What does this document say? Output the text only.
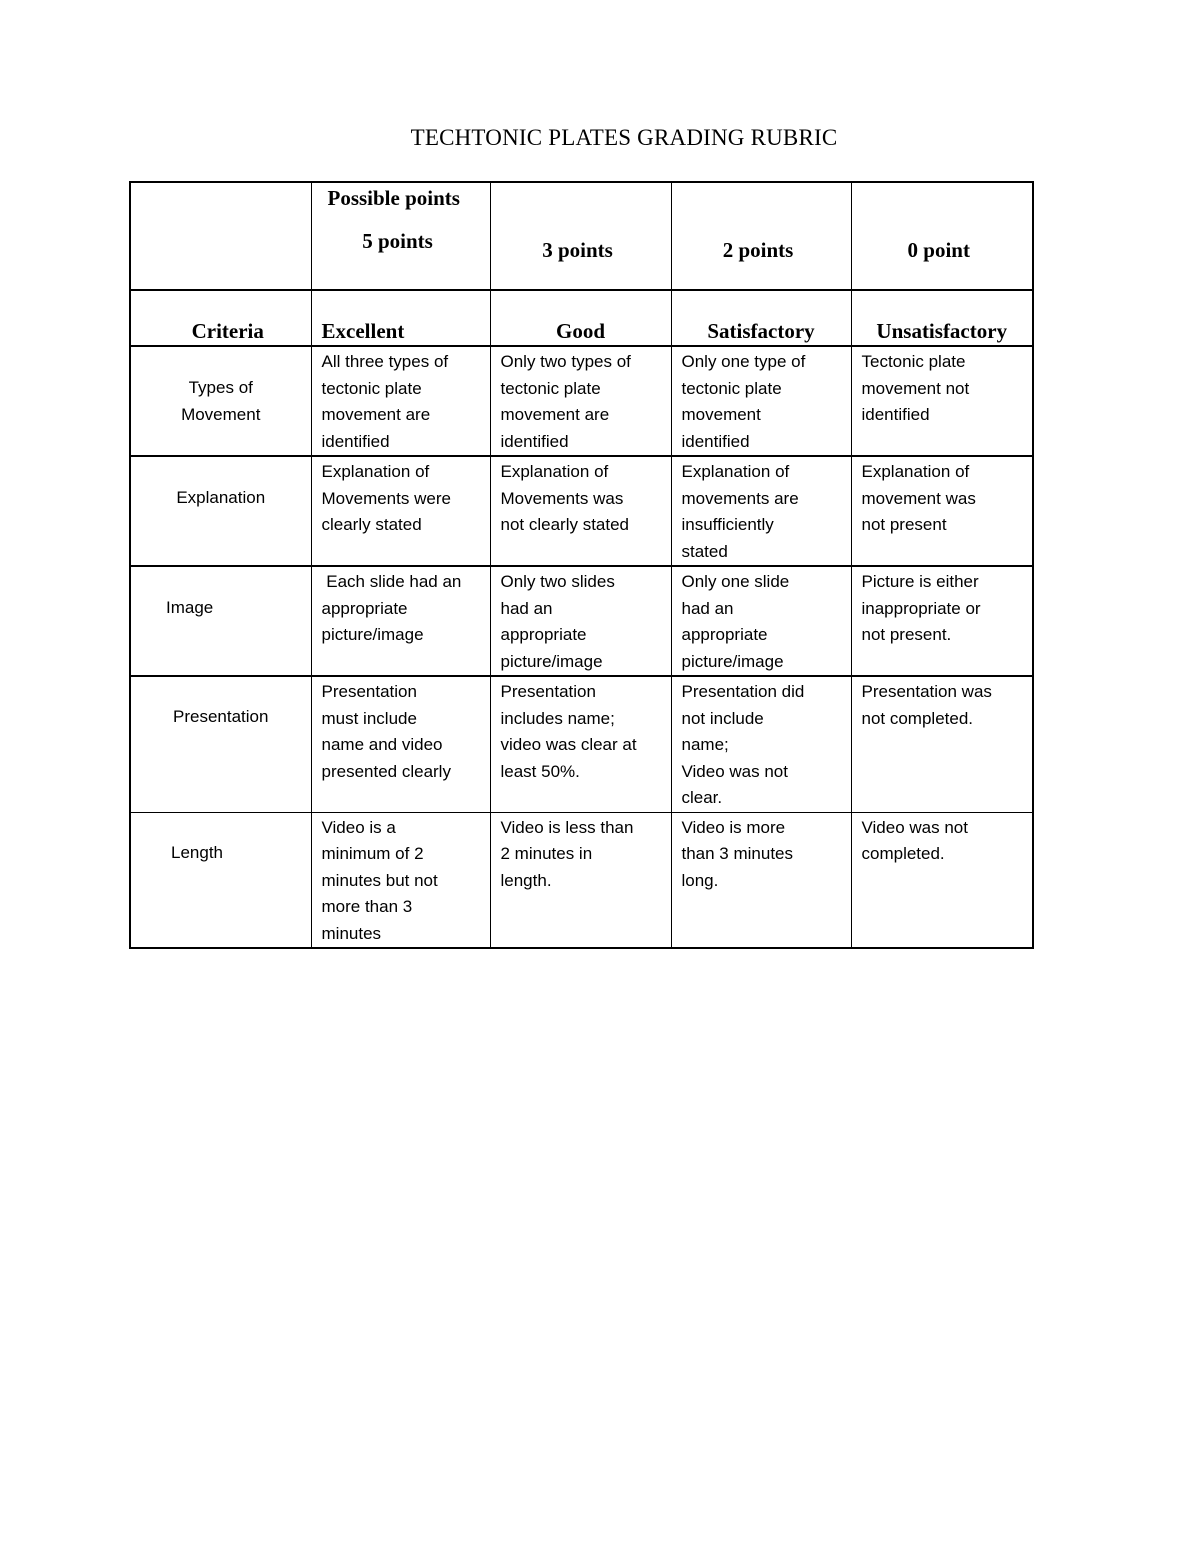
TECHTONIC PLATES GRADING RUBRIC

	Possible points
5 points	3 points	2 points	0 point

Criteria	Excellent	Good	Satisfactory	Unsatisfactory

Types of
Movement	All three types of
tectonic plate
movement are
identified	Only two types of
tectonic plate
movement are
identified	Only one type of
tectonic plate
movement
identified	Tectonic plate
movement not
identified

Explanation	Explanation of
Movements were
clearly stated	Explanation of
Movements was
not clearly stated	Explanation of
movements are
insufficiently
stated	Explanation of
movement was
not present

Image	Each slide had an
appropriate
picture/image	Only two slides
had an
appropriate
picture/image	Only one slide
had an
appropriate
picture/image	Picture is either
inappropriate or
not present.

Presentation	Presentation
must include
name and video
presented clearly	Presentation
includes name;
video was clear at
least 50%.	Presentation did
not include
name;
Video was not
clear.	Presentation was
not completed.

Length	Video is a
minimum of 2
minutes but not
more than 3
minutes	Video is less than
2 minutes in
length.	Video is more
than 3 minutes
long.	Video was not
completed.
